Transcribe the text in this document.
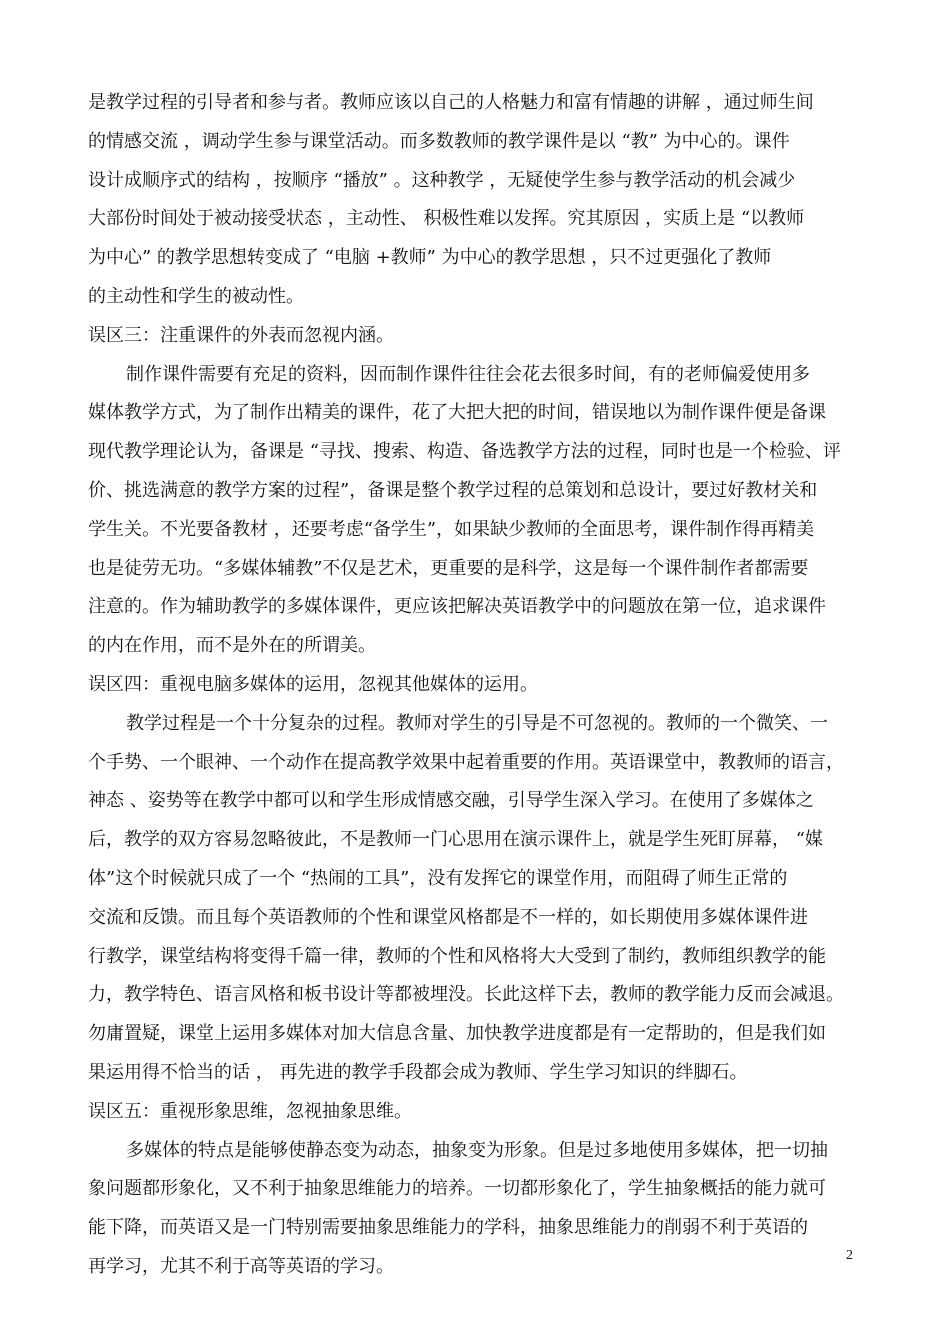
是教学过程的引导者和参与者。教师应该以自己的人格魅力和富有情趣的讲解 ，通过师生间
的情感交流 ，调动学生参与课堂活动。而多数教师的教学课件是以 “教” 为中心的。课件
设计成顺序式的结构 ，按顺序 “播放” 。这种教学 ，无疑使学生参与教学活动的机会减少
大部份时间处于被动接受状态 ，主动性、 积极性难以发挥。究其原因 ，实质上是 “以教师
为中心” 的教学思想转变成了 “电脑 +教师” 为中心的教学思想 ，只不过更强化了教师
的主动性和学生的被动性。
误区三：注重课件的外表而忽视内涵。
制作课件需要有充足的资料，因而制作课件往往会花去很多时间，有的老师偏爱使用多
媒体教学方式，为了制作出精美的课件，花了大把大把的时间，错误地以为制作课件便是备课
现代教学理论认为，备课是 “寻找、搜索、构造、备选教学方法的过程，同时也是一个检验、评
价、挑选满意的教学方案的过程”，备课是整个教学过程的总策划和总设计，要过好教材关和
学生关。不光要备教材 ，还要考虑“备学生”，如果缺少教师的全面思考，课件制作得再精美
也是徒劳无功。“多媒体辅教”不仅是艺术，更重要的是科学，这是每一个课件制作者都需要
注意的。作为辅助教学的多媒体课件，更应该把解决英语教学中的问题放在第一位，追求课件
的内在作用，而不是外在的所谓美。
误区四：重视电脑多媒体的运用，忽视其他媒体的运用。
教学过程是一个十分复杂的过程。教师对学生的引导是不可忽视的。教师的一个微笑、一
个手势、一个眼神、一个动作在提高教学效果中起着重要的作用。英语课堂中，教教师的语言，
神态 、姿势等在教学中都可以和学生形成情感交融，引导学生深入学习。在使用了多媒体之
后，教学的双方容易忽略彼此，不是教师一门心思用在演示课件上，就是学生死盯屏幕， “媒
体”这个时候就只成了一个 “热闹的工具”，没有发挥它的课堂作用，而阻碍了师生正常的
交流和反馈。而且每个英语教师的个性和课堂风格都是不一样的，如长期使用多媒体课件进
行教学，课堂结构将变得千篇一律，教师的个性和风格将大大受到了制约，教师组织教学的能
力，教学特色、语言风格和板书设计等都被埋没。长此这样下去，教师的教学能力反而会减退。
勿庸置疑，课堂上运用多媒体对加大信息含量、加快教学进度都是有一定帮助的，但是我们如
果运用得不恰当的话 ， 再先进的教学手段都会成为教师、学生学习知识的绊脚石。
误区五：重视形象思维，忽视抽象思维。
多媒体的特点是能够使静态变为动态，抽象变为形象。但是过多地使用多媒体，把一切抽
象问题都形象化，又不利于抽象思维能力的培养。一切都形象化了，学生抽象概括的能力就可
能下降，而英语又是一门特别需要抽象思维能力的学科，抽象思维能力的削弱不利于英语的
再学习，尤其不利于高等英语的学习。
2
